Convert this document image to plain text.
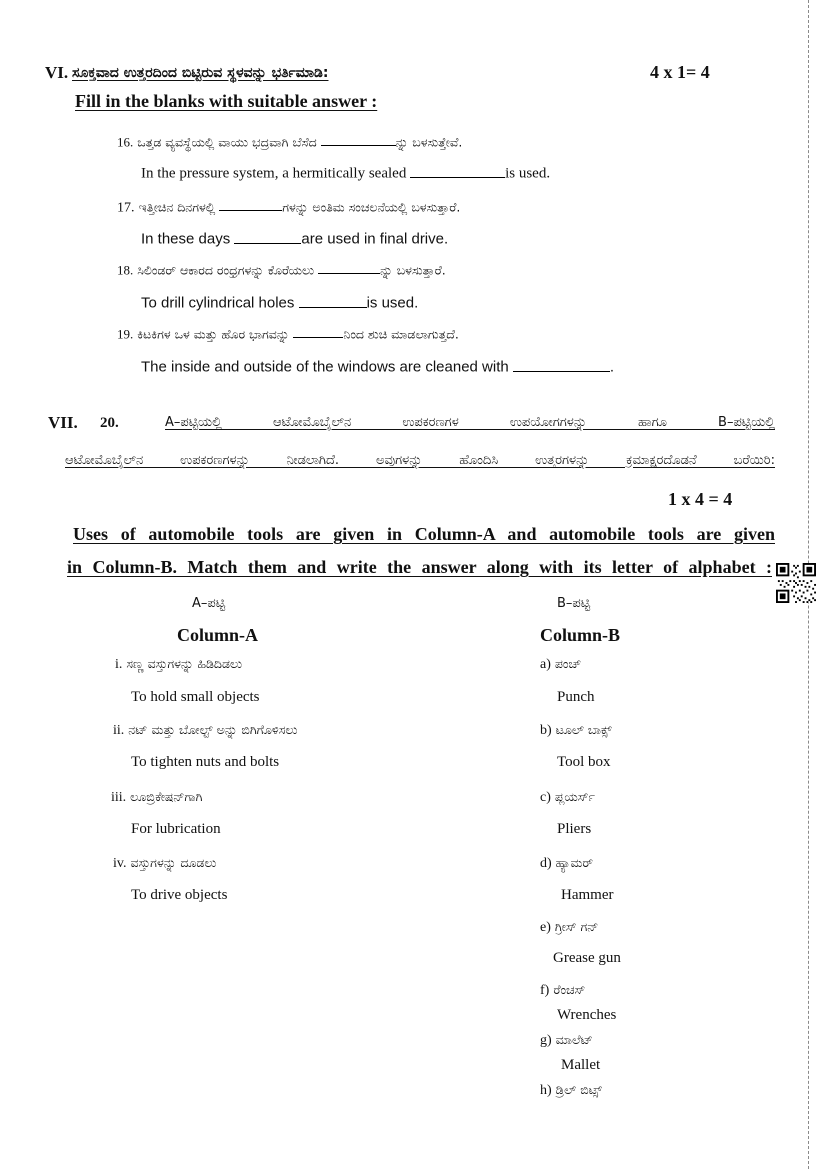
VI. ಸೂಕ್ತವಾದ ಉತ್ತರದಿಂದ ಬಿಟ್ಟಿರುವ ಸ್ಥಳವನ್ನು ಭರ್ತಿಮಾಡಿ:	4 x 1= 4
Fill in the blanks with suitable answer :
16. ಒತ್ತಡ ವ್ಯವಸ್ಥೆಯಲ್ಲಿ ವಾಯು ಭದ್ರವಾಗಿ ಬೆಸೆದ	ನ್ನು ಬಳಸುತ್ತೇವೆ.
In the pressure system, a hermitically sealed	is used.
17. ಇತ್ತೀಚಿನ ದಿನಗಳಲ್ಲಿ	ಗಳನ್ನು ಅಂತಿಮ ಸಂಚಲನೆಯಲ್ಲಿ ಬಳಸುತ್ತಾರೆ.
In these days	are used in final drive.
18. ಸಿಲಿಂಡರ್ ಆಕಾರದ ರಂಧ್ರಗಳನ್ನು ಕೊರೆಯಲು	ನ್ನು ಬಳಸುತ್ತಾರೆ.
To drill cylindrical holes	is used.
19. ಕಿಟಕಿಗಳ ಒಳ ಮತ್ತು ಹೊರ ಭಾಗವನ್ನು	ನಿಂದ ಶುಚಿ ಮಾಡಲಾಗುತ್ತದೆ.
The inside and outside of the windows are cleaned with	.
VII. 20.	A–ಪಟ್ಟಿಯಲ್ಲಿ ಆಟೋಮೊಬೈಲ್‌ನ ಉಪಕರಣಗಳ ಉಪಯೋಗಗಳನ್ನು ಹಾಗೂ B–ಪಟ್ಟಿಯಲ್ಲಿ
ಆಟೋಮೊಬೈಲ್‌ನ ಉಪಕರಣಗಳನ್ನು ನೀಡಲಾಗಿದೆ. ಅವುಗಳನ್ನು ಹೊಂದಿಸಿ ಉತ್ತರಗಳನ್ನು ಕ್ರಮಾಕ್ಷರದೊಡನೆ ಬರೆಯಿರಿ:
1 x 4 = 4
Uses of automobile tools are given in Column-A and automobile tools are given
in Column-B. Match them and write the answer along with its letter of alphabet :
A–ಪಟ್ಟಿ	B–ಪಟ್ಟಿ
Column-A	Column-B
i. ಸಣ್ಣ ವಸ್ತುಗಳನ್ನು ಹಿಡಿದಿಡಲು
To hold small objects
ii. ನಟ್ ಮತ್ತು ಬೋಲ್ಟ್ ಅನ್ನು ಬಿಗಿಗೊಳಿಸಲು
To tighten nuts and bolts
iii. ಲೂಬ್ರಿಕೇಷನ್‌ಗಾಗಿ
For lubrication
iv. ವಸ್ತುಗಳನ್ನು ದೂಡಲು
To drive objects
a) ಪಂಚ್
Punch
b) ಟೂಲ್ ಬಾಕ್ಸ್
Tool box
c) ಪ್ಲಯರ್ಸ್
Pliers
d) ಹ್ಯಾಮರ್
Hammer
e) ಗ್ರೀಸ್ ಗನ್
Grease gun
f) ರೆಂಚಸ್
Wrenches
g) ಮಾಲೆಟ್
Mallet
h) ಡ್ರಿಲ್ ಬಿಟ್ಸ್
